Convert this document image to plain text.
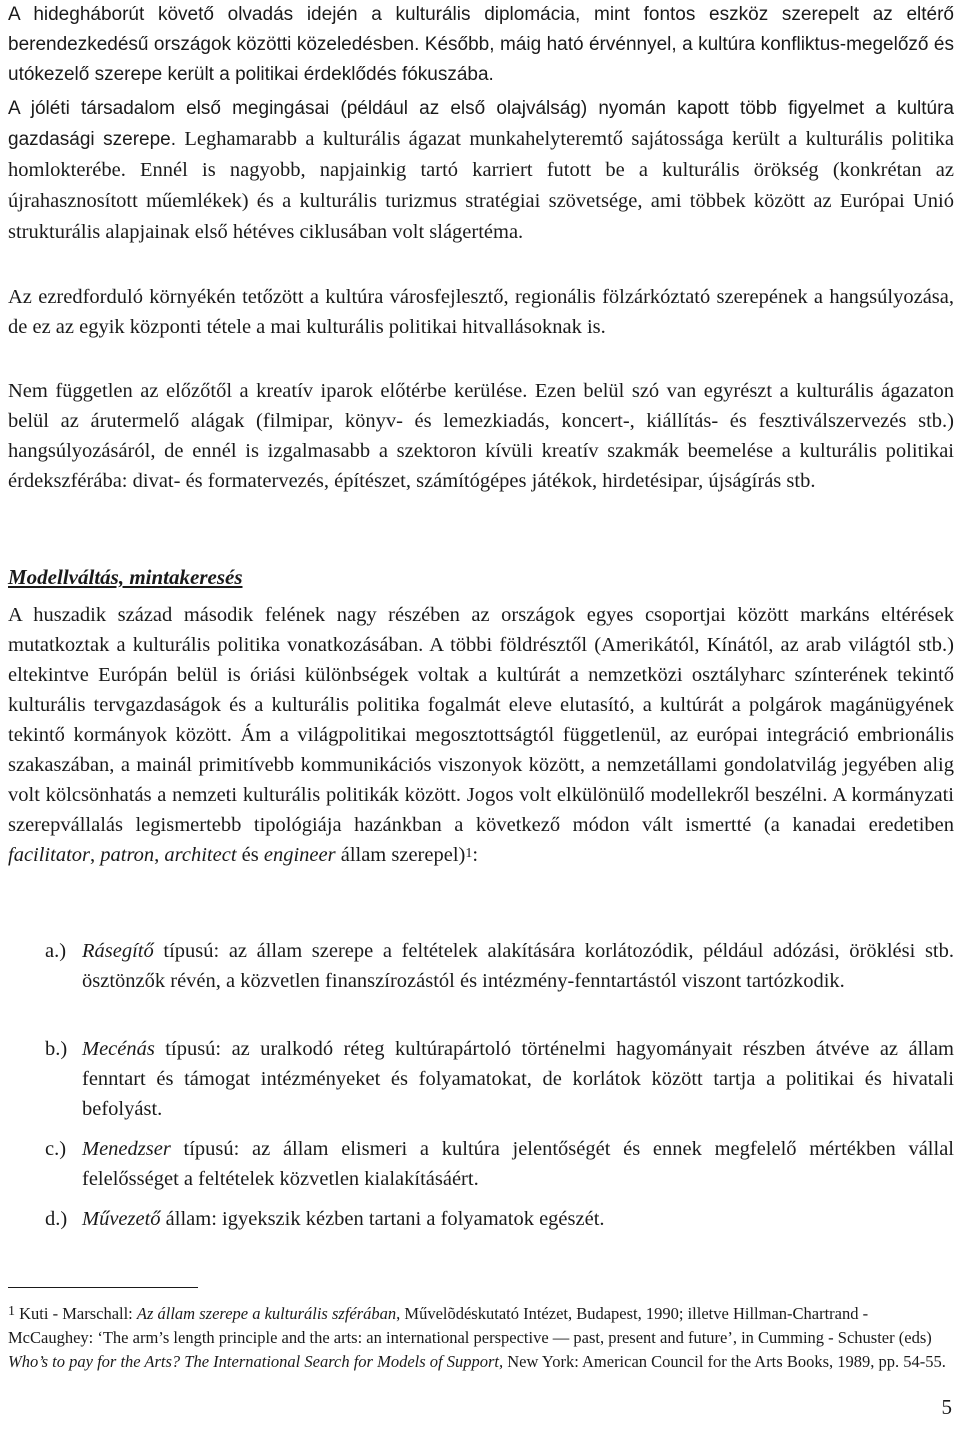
A hidegháborút követő olvadás idején a kulturális diplomácia, mint fontos eszköz szerepelt az eltérő berendezkedésű országok közötti közeledésben. Később, máig ható érvénnyel, a kultúra konfliktus-megelőző és utókezelő szerepe került a politikai érdeklődés fókuszába.

A jóléti társadalom első megingásai (például az első olajválság) nyomán kapott több figyelmet a kultúra gazdasági szerepe. Leghamarabb a kulturális ágazat munkahelyteremtő sajátossága került a kulturális politika homlokterébe. Ennél is nagyobb, napjainkig tartó karriert futott be a kulturális örökség (konkrétan az újrahasznosított műemlékek) és a kulturális turizmus stratégiai szövetsége, ami többek között az Európai Unió strukturális alapjainak első hétéves ciklusában volt slágertéma.

Az ezredforduló környékén tetőzött a kultúra városfejlesztő, regionális fölzárkóztató szerepének a hangsúlyozása, de ez az egyik központi tétele a mai kulturális politikai hitvallásoknak is.

Nem független az előzőtől a kreatív iparok előtérbe kerülése. Ezen belül szó van egyrészt a kulturális ágazaton belül az árutermelő alágak (filmipar, könyv- és lemezkiadás, koncert-, kiállítás- és fesztiválszervezés stb.) hangsúlyozásáról, de ennél is izgalmasabb a szektoron kívüli kreatív szakmák beemelése a kulturális politikai érdekszférába: divat- és formatervezés, építészet, számítógépes játékok, hirdetésipar, újságírás stb.

Modellváltás, mintakeresés

A huszadik század második felének nagy részében az országok egyes csoportjai között markáns eltérések mutatkoztak a kulturális politika vonatkozásában. A többi földrésztől (Amerikától, Kínától, az arab világtól stb.) eltekintve Európán belül is óriási különbségek voltak a kultúrát a nemzetközi osztályharc színterének tekintő kulturális tervgazdaságok és a kulturális politika fogalmát eleve elutasító, a kultúrát a polgárok magánügyének tekintő kormányok között. Ám a világpolitikai megosztottságtól függetlenül, az európai integráció embrionális szakaszában, a mainál primitívebb kommunikációs viszonyok között, a nemzetállami gondolatvilág jegyében alig volt kölcsönhatás a nemzeti kulturális politikák között. Jogos volt elkülönülő modellekről beszélni. A kormányzati szerepvállalás legismertebb tipológiája hazánkban a következő módon vált ismertté (a kanadai eredetiben facilitator, patron, architect és engineer állam szerepel)$^1$:

a.) Rásegítő típusú: az állam szerepe a feltételek alakítására korlátozódik, például adózási, öröklési stb. ösztönzők révén, a közvetlen finanszírozástól és intézmény-fenntartástól viszont tartózkodik.
b.) Mecénás típusú: az uralkodó réteg kultúrapártoló történelmi hagyományait részben átvéve az állam fenntart és támogat intézményeket és folyamatokat, de korlátok között tartja a politikai és hivatali befolyást.
c.) Menedzser típusú: az állam elismeri a kultúra jelentőségét és ennek megfelelő mértékben vállal felelősséget a feltételek közvetlen kialakításáért.
d.) Művezető állam: igyekszik kézben tartani a folyamatok egészét.

$^1$ Kuti - Marschall: Az állam szerepe a kulturális szférában, Művelõdéskutató Intézet, Budapest, 1990; illetve Hillman-Chartrand - McCaughey: ‘The arm’s length principle and the arts: an international perspective — past, present and future’, in Cumming - Schuster (eds) Who’s to pay for the Arts? The International Search for Models of Support, New York: American Council for the Arts Books, 1989, pp. 54-55.

5
